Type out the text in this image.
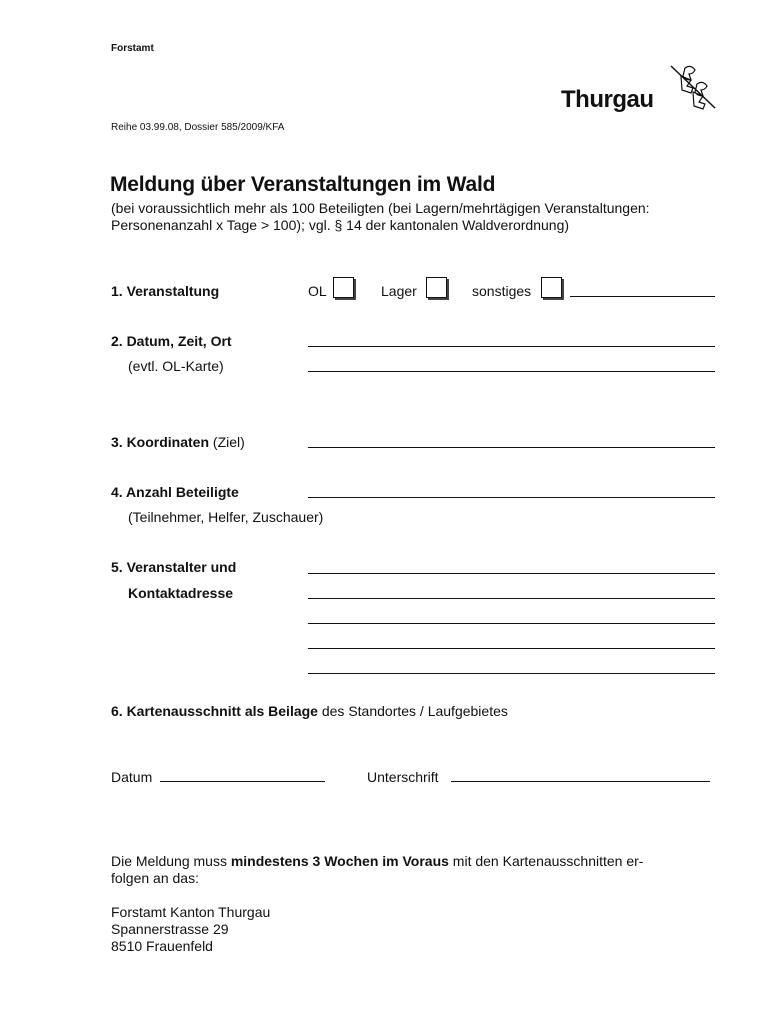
Forstamt
Reihe 03.99.08, Dossier 585/2009/KFA
Thurgau
Meldung über Veranstaltungen im Wald
(bei voraussichtlich mehr als 100 Beteiligten (bei Lagern/mehrtägigen Veranstaltungen:
Personenanzahl x Tage > 100); vgl. § 14 der kantonalen Waldverordnung)
1. Veranstaltung	OL	Lager	sonstiges
2. Datum, Zeit, Ort
(evtl. OL-Karte)
3. Koordinaten (Ziel)
4. Anzahl Beteiligte
(Teilnehmer, Helfer, Zuschauer)
5. Veranstalter und
Kontaktadresse
6. Kartenausschnitt als Beilage des Standortes / Laufgebietes
Datum	Unterschrift
Die Meldung muss mindestens 3 Wochen im Voraus mit den Kartenausschnitten er-
folgen an das:
Forstamt Kanton Thurgau
Spannerstrasse 29
8510 Frauenfeld
